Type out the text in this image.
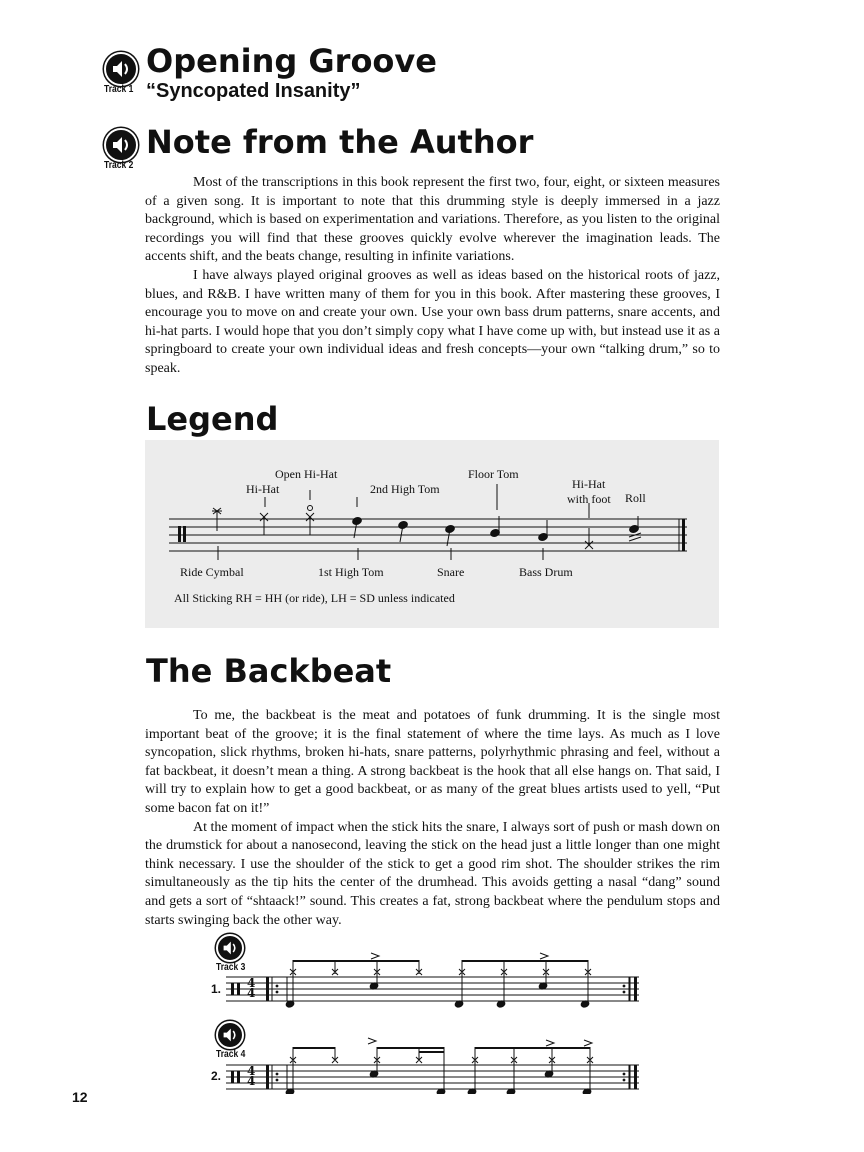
Track 1
Opening Groove
“Syncopated Insanity”
Track 2
Note from the Author

Most of the transcriptions in this book represent the first two, four, eight, or sixteen measures of a given song. It is important to note that this drumming style is deeply immersed in a jazz background, which is based on experimentation and variations. Therefore, as you listen to the original recordings you will find that these grooves quickly evolve wherever the imagination leads. The accents shift, and the beats change, resulting in infinite variations.

I have always played original grooves as well as ideas based on the historical roots of jazz, blues, and R&B. I have written many of them for you in this book. After mastering these grooves, I encourage you to move on and create your own. Use your own bass drum patterns, snare accents, and hi-hat parts. I would hope that you don’t simply copy what I have come up with, but instead use it as a springboard to create your own individual ideas and fresh concepts—your own “talking drum,” so to speak.

Legend
Open Hi-Hat
Hi-Hat	2nd High Tom
Floor Tom
Hi-Hat
with foot Roll
Ride Cymbal	1st High Tom	Snare	Bass Drum
All Sticking RH = HH (or ride), LH = SD unless indicated
The Backbeat

To me, the backbeat is the meat and potatoes of funk drumming. It is the single most important beat of the groove; it is the final statement of where the time lays. As much as I love syncopation, slick rhythms, broken hi-hats, snare patterns, polyrhythmic phrasing and feel, without a fat backbeat, it doesn’t mean a thing. A strong backbeat is the hook that all else hangs on. That said, I will try to explain how to get a good backbeat, or as many of the great blues artists used to yell, “Put some bacon fat on it!”

At the moment of impact when the stick hits the snare, I always sort of push or mash down on the drumstick for about a nanosecond, leaving the stick on the head just a little longer than one might think necessary. I use the shoulder of the stick to get a good rim shot. The shoulder strikes the rim simultaneously as the tip hits the center of the drumhead. This avoids getting a nasal “dang” sound and gets a sort of “shtaack!” sound. This creates a fat, strong backbeat where the pendulum stops and starts swinging back the other way.

Track 3
1. 4
4
Track 4
2. 4
4
12
